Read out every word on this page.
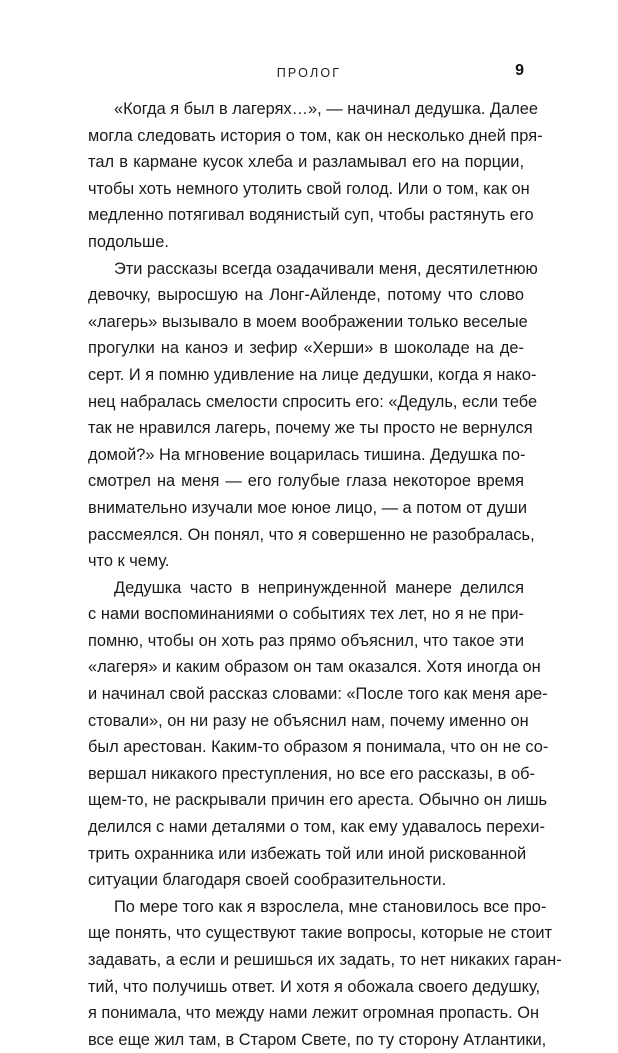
ПРОЛОГ	9
«Когда я был в лагерях…», — начинал дедушка. Далее
могла следовать история о том, как он несколько дней пря-
тал в кармане кусок хлеба и разламывал его на порции,
чтобы хоть немного утолить свой голод. Или о том, как он
медленно потягивал водянистый суп, чтобы растянуть его
подольше.
Эти рассказы всегда озадачивали меня, десятилетнюю
девочку, выросшую на Лонг-Айленде, потому что слово
«лагерь» вызывало в моем воображении только веселые
прогулки на каноэ и зефир «Херши» в шоколаде на де-
серт. И я помню удивление на лице дедушки, когда я нако-
нец набралась смелости спросить его: «Дедуль, если тебе
так не нравился лагерь, почему же ты просто не вернулся
домой?» На мгновение воцарилась тишина. Дедушка по-
смотрел на меня — его голубые глаза некоторое время
внимательно изучали мое юное лицо, — а потом от души
рассмеялся. Он понял, что я совершенно не разобралась,
что к чему.
Дедушка часто в непринужденной манере делился
с нами воспоминаниями о событиях тех лет, но я не при-
помню, чтобы он хоть раз прямо объяснил, что такое эти
«лагеря» и каким образом он там оказался. Хотя иногда он
и начинал свой рассказ словами: «После того как меня аре-
стовали», он ни разу не объяснил нам, почему именно он
был арестован. Каким-то образом я понимала, что он не со-
вершал никакого преступления, но все его рассказы, в об-
щем-то, не раскрывали причин его ареста. Обычно он лишь
делился с нами деталями о том, как ему удавалось перехи-
трить охранника или избежать той или иной рискованной
ситуации благодаря своей сообразительности.
По мере того как я взрослела, мне становилось все про-
ще понять, что существуют такие вопросы, которые не стоит
задавать, а если и решишься их задать, то нет никаких гаран-
тий, что получишь ответ. И хотя я обожала своего дедушку,
я понимала, что между нами лежит огромная пропасть. Он
все еще жил там, в Старом Свете, по ту сторону Атлантики,
